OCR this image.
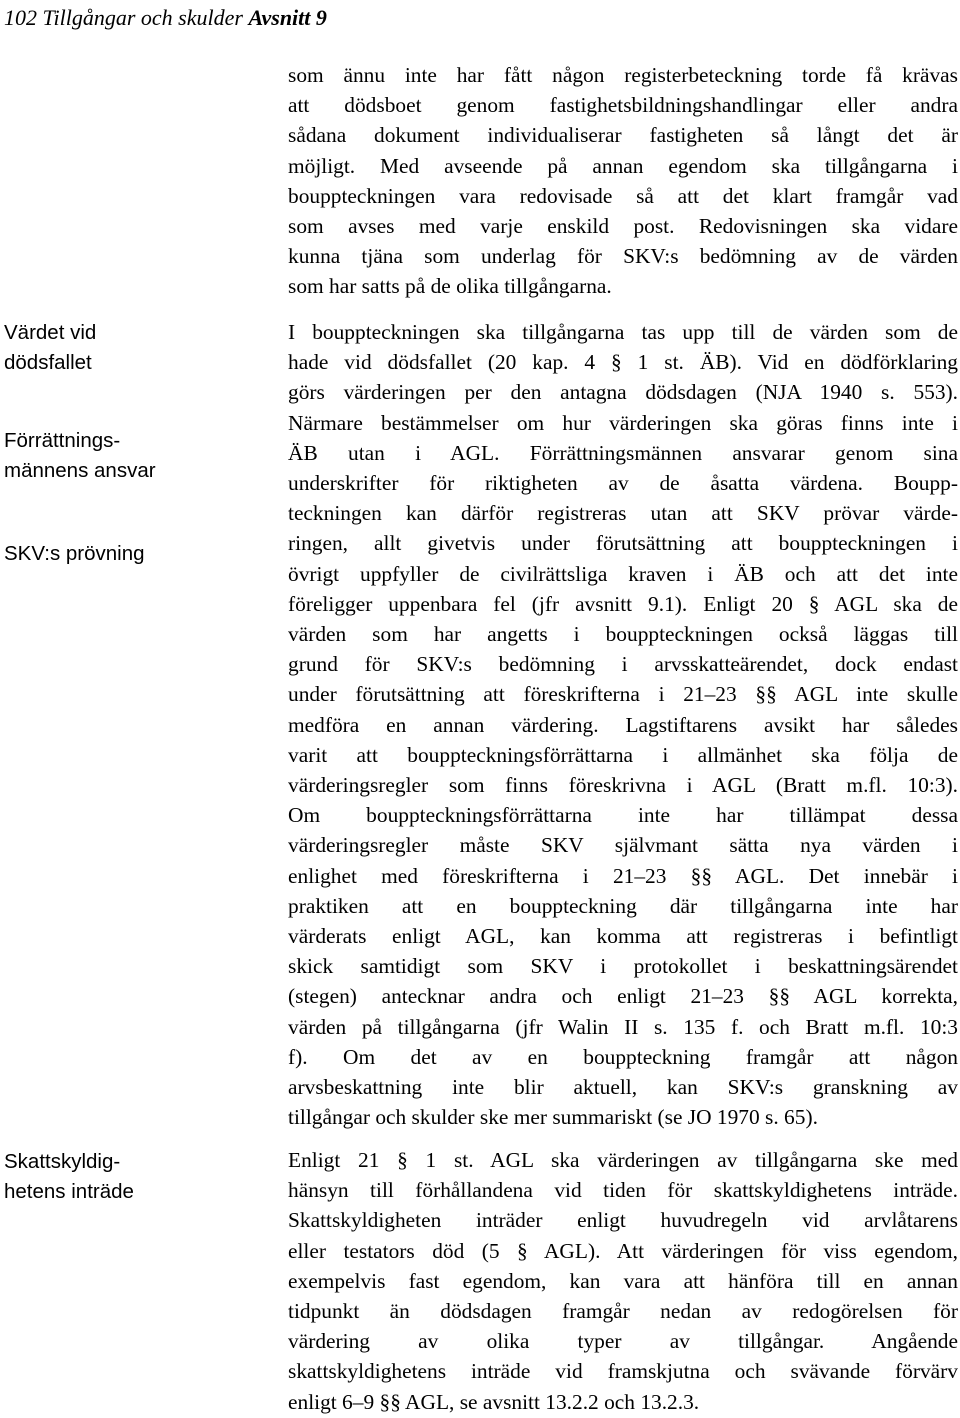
102 Tillgångar och skulder Avsnitt 9
Värdet vid
dödsfallet
Förrättnings-
männens ansvar
SKV:s prövning
Skattskyldig-
hetens inträde
som ännu inte har fått någon registerbeteckning torde få krävas
att dödsboet genom fastighetsbildningshandlingar eller andra
sådana dokument individualiserar fastigheten så långt det är
möjligt. Med avseende på annan egendom ska tillgångarna i
bouppteckningen vara redovisade så att det klart framgår vad
som avses med varje enskild post. Redovisningen ska vidare
kunna tjäna som underlag för SKV:s bedömning av de värden
som har satts på de olika tillgångarna.
I bouppteckningen ska tillgångarna tas upp till de värden som de
hade vid dödsfallet (20 kap. 4 § 1 st. ÄB). Vid en dödförklaring
görs värderingen per den antagna dödsdagen (NJA 1940 s. 553).
Närmare bestämmelser om hur värderingen ska göras finns inte i
ÄB utan i AGL. Förrättningsmännen ansvarar genom sina
underskrifter för riktigheten av de åsatta värdena. Boupp-
teckningen kan därför registreras utan att SKV prövar värde-
ringen, allt givetvis under förutsättning att bouppteckningen i
övrigt uppfyller de civilrättsliga kraven i ÄB och att det inte
föreligger uppenbara fel (jfr avsnitt 9.1). Enligt 20 § AGL ska de
värden som har angetts i bouppteckningen också läggas till
grund för SKV:s bedömning i arvsskatteärendet, dock endast
under förutsättning att föreskrifterna i 21–23 §§ AGL inte skulle
medföra en annan värdering. Lagstiftarens avsikt har således
varit att bouppteckningsförrättarna i allmänhet ska följa de
värderingsregler som finns föreskrivna i AGL (Bratt m.fl. 10:3).
Om bouppteckningsförrättarna inte har tillämpat dessa
värderingsregler måste SKV självmant sätta nya värden i
enlighet med föreskrifterna i 21–23 §§ AGL. Det innebär i
praktiken att en bouppteckning där tillgångarna inte har
värderats enligt AGL, kan komma att registreras i befintligt
skick samtidigt som SKV i protokollet i beskattningsärendet
(stegen) antecknar andra och enligt 21–23 §§ AGL korrekta,
värden på tillgångarna (jfr Walin II s. 135 f. och Bratt m.fl. 10:3
f). Om det av en bouppteckning framgår att någon
arvsbeskattning inte blir aktuell, kan SKV:s granskning av
tillgångar och skulder ske mer summariskt (se JO 1970 s. 65).
Enligt 21 § 1 st. AGL ska värderingen av tillgångarna ske med
hänsyn till förhållandena vid tiden för skattskyldighetens inträde.
Skattskyldigheten inträder enligt huvudregeln vid arvlåtarens
eller testators död (5 § AGL). Att värderingen för viss egendom,
exempelvis fast egendom, kan vara att hänföra till en annan
tidpunkt än dödsdagen framgår nedan av redogörelsen för
värdering av olika typer av tillgångar. Angående
skattskyldighetens inträde vid framskjutna och svävande förvärv
enligt 6–9 §§ AGL, se avsnitt 13.2.2 och 13.2.3.
